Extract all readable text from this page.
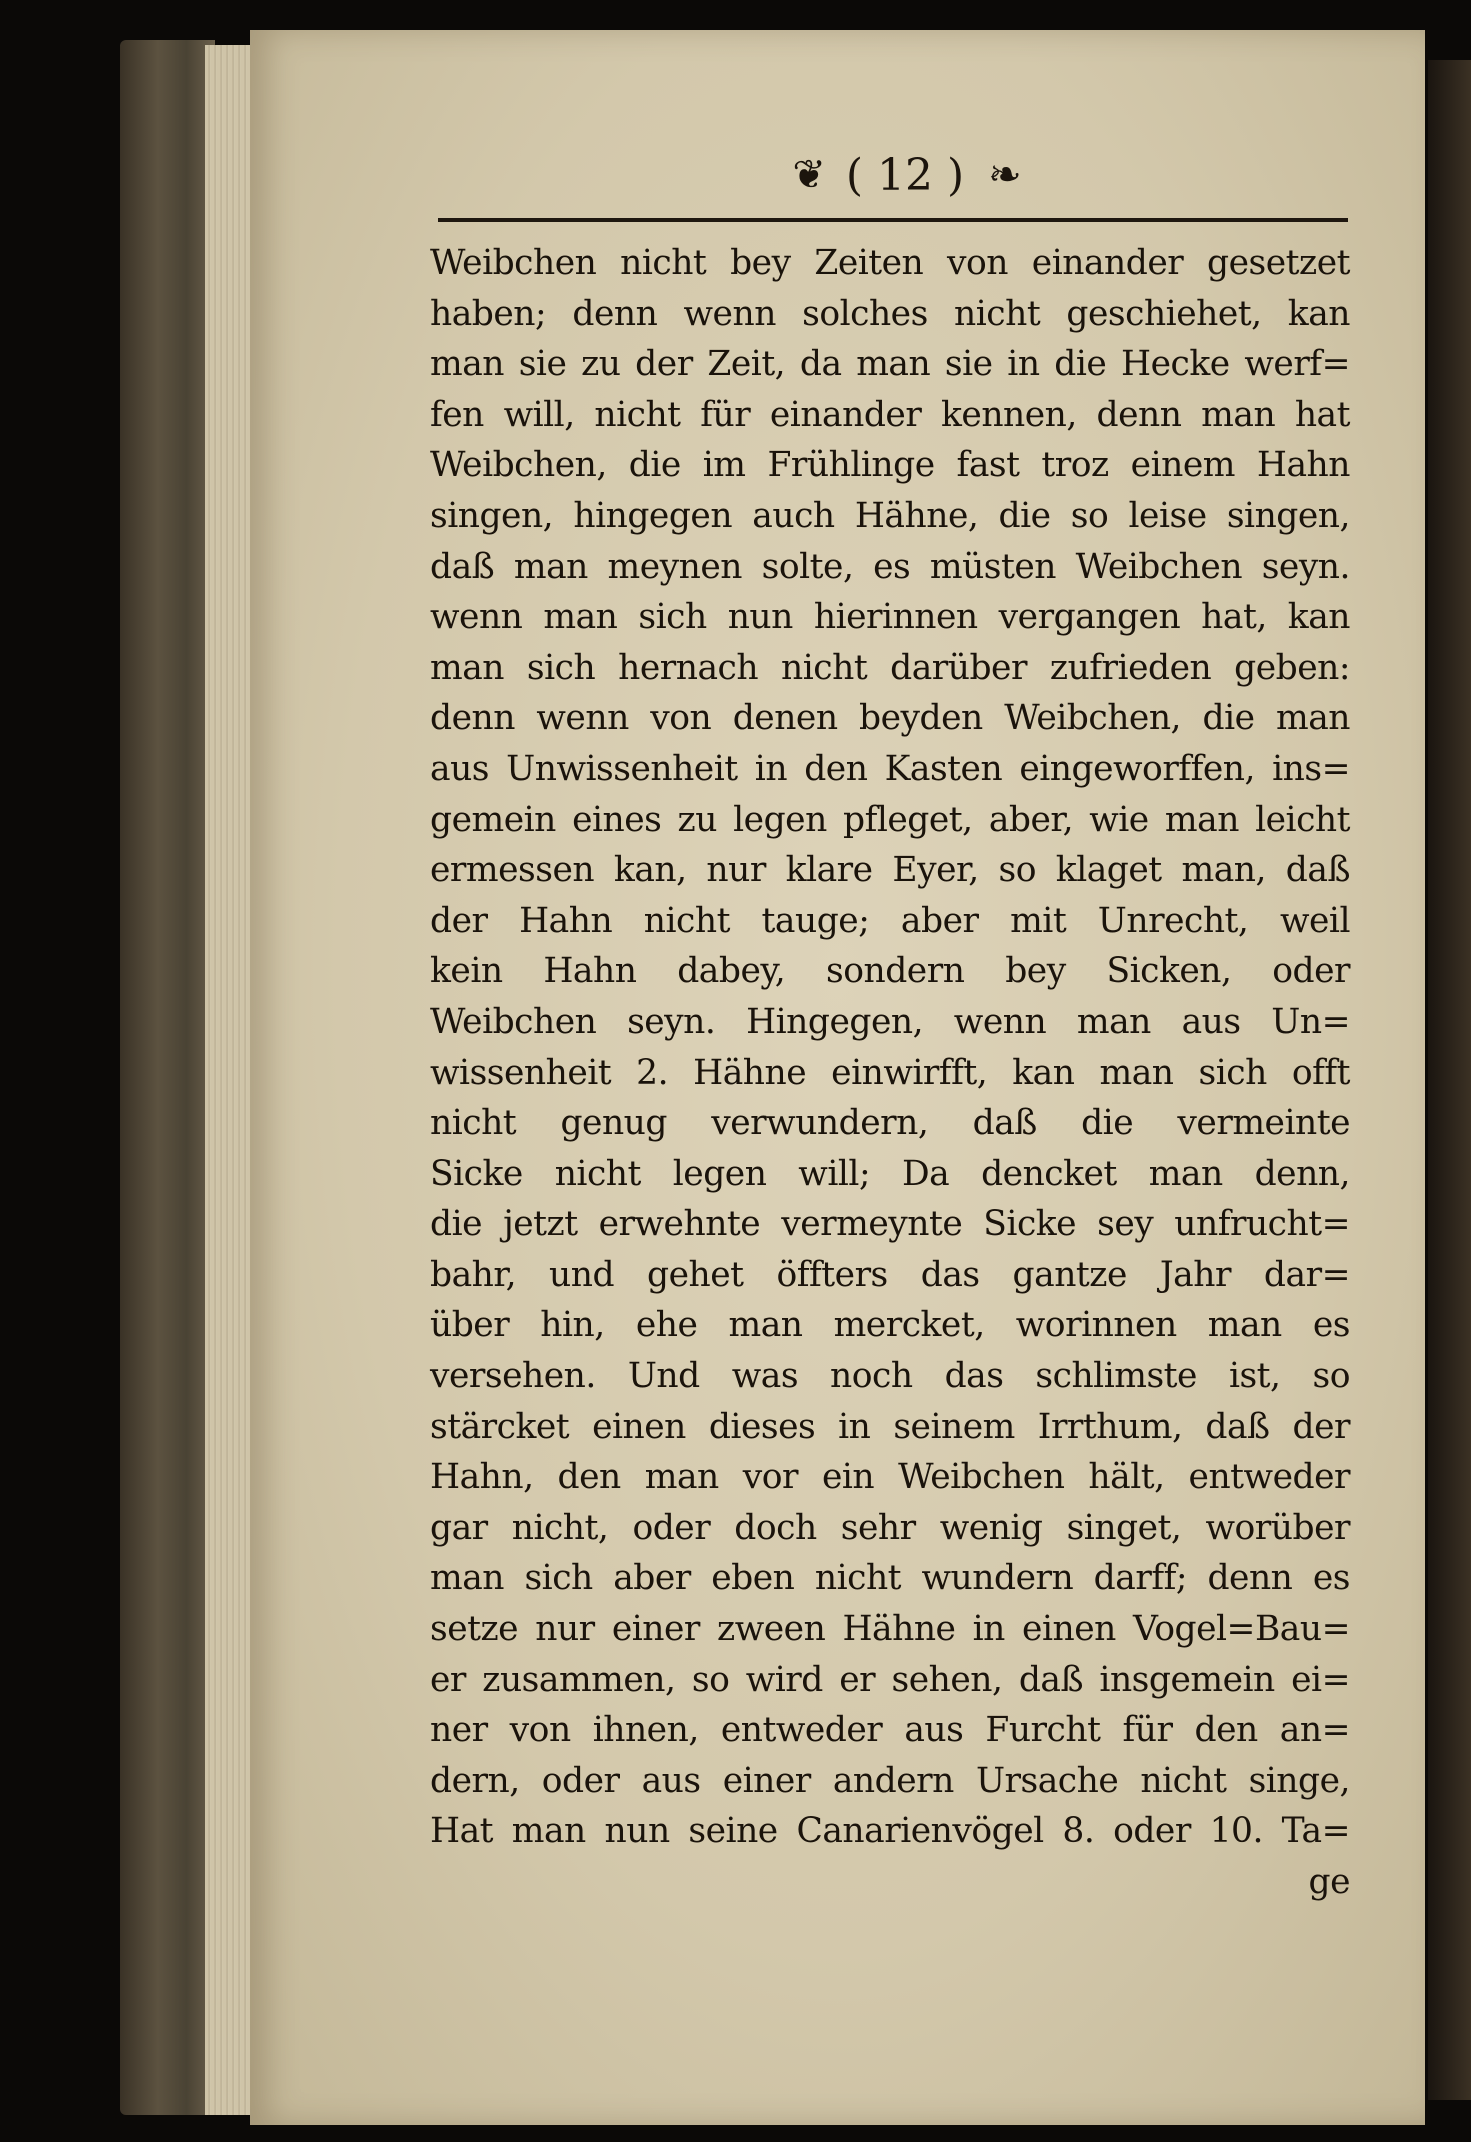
❦ ( 12 ) ❧
Weibchen nicht bey Zeiten von einander gesetzet
haben; denn wenn solches nicht geschiehet, kan
man sie zu der Zeit, da man sie in die Hecke werf=
fen will, nicht für einander kennen, denn man hat
Weibchen, die im Frühlinge fast troz einem Hahn
singen, hingegen auch Hähne, die so leise singen,
daß man meynen solte, es müsten Weibchen seyn.
wenn man sich nun hierinnen vergangen hat, kan
man sich hernach nicht darüber zufrieden geben:
denn wenn von denen beyden Weibchen, die man
aus Unwissenheit in den Kasten eingeworffen, ins=
gemein eines zu legen pfleget, aber, wie man leicht
ermessen kan, nur klare Eyer, so klaget man, daß
der Hahn nicht tauge; aber mit Unrecht, weil
kein Hahn dabey, sondern bey Sicken, oder
Weibchen seyn. Hingegen, wenn man aus Un=
wissenheit 2. Hähne einwirfft, kan man sich offt
nicht genug verwundern, daß die vermeinte
Sicke nicht legen will; Da dencket man denn,
die jetzt erwehnte vermeynte Sicke sey unfrucht=
bahr, und gehet öffters das gantze Jahr dar=
über hin, ehe man mercket, worinnen man es
versehen. Und was noch das schlimste ist, so
stärcket einen dieses in seinem Irrthum, daß der
Hahn, den man vor ein Weibchen hält, entweder
gar nicht, oder doch sehr wenig singet, worüber
man sich aber eben nicht wundern darff; denn es
setze nur einer zween Hähne in einen Vogel=Bau=
er zusammen, so wird er sehen, daß insgemein ei=
ner von ihnen, entweder aus Furcht für den an=
dern, oder aus einer andern Ursache nicht singe,
Hat man nun seine Canarienvögel 8. oder 10. Ta=
ge
